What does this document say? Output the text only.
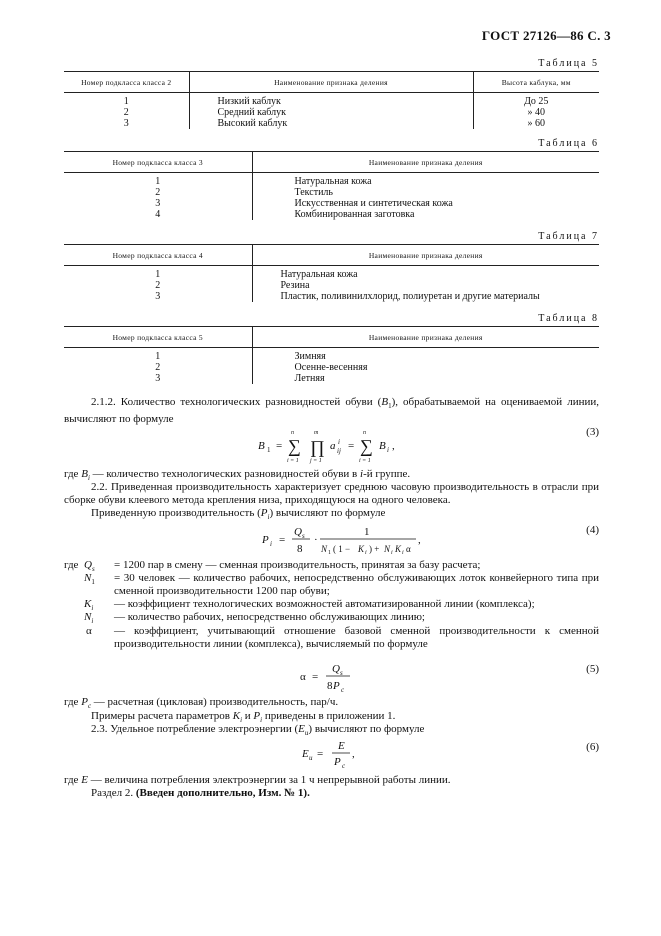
ГОСТ 27126—86 С. 3
Таблица 5
Номер подкласса класса 2	Наименование признака деления	Высота каблука, мм
1	Низкий каблук	До 25
2	Средний каблук	» 40
3	Высокий каблук	» 60
Таблица 6
Номер подкласса класса 3	Наименование признака деления
1	Натуральная кожа
2	Текстиль
3	Искусственная и синтетическая кожа
4	Комбинированная заготовка
Таблица 7
Номер подкласса класса 4	Наименование признака деления
1	Натуральная кожа
2	Резина
3	Пластик, поливинилхлорид, полиуретан и другие материалы
Таблица 8
Номер подкласса класса 5	Наименование признака деления
1	Зимняя
2	Осенне-весенняя
3	Летняя
2.1.2. Количество технологических разновидностей обуви $(B_1)$, обрабатываемой на оцениваемой линии, вычисляют по формуле
B 1 = ∑
n
i = 1
∏
m
j = 1
a i
ij = ∑
n
i = 1
B i ,
(3)
где $B_i$ — количество технологических разновидностей обуви в i-й группе.
2.2. Приведенная производительность характеризует среднюю часовую производительность в отрасли при сборке обуви клеевого метода крепления низа, приходящуюся на одного человека.
Приведенную производительность $(P_i)$ вычисляют по формуле
P i =
Q s
8
·
1
N 1 ( 1 − K i ) + N i K i α
,
(4)
где $Q_s = 1200$ пар в смену — сменная производительность, принятая за базу расчета;
$N_1 = 30$ человек — количество рабочих, непосредственно обслуживающих лоток конвейерного типа при сменной производительности 1200 пар обуви;
$K_i$ — коэффициент технологических возможностей автоматизированной линии (комплекса);
$N_i$ — количество рабочих, непосредственно обслуживающих линию;
α — коэффициент, учитывающий отношение базовой сменной производительности к сменной производительности линии (комплекса), вычисляемый по формуле
α =
Q s
8 P c
(5)
где $P_c$ — расчетная (цикловая) производительность, пар/ч.
Примеры расчета параметров $K_i$ и $P_i$ приведены в приложении 1.
2.3. Удельное потребление электроэнергии $(E_u)$ вычисляют по формуле
E u =
E
P c
,
(6)
где E — величина потребления электроэнергии за 1 ч непрерывной работы линии.
Раздел 2. (Введен дополнительно, Изм. № 1).
